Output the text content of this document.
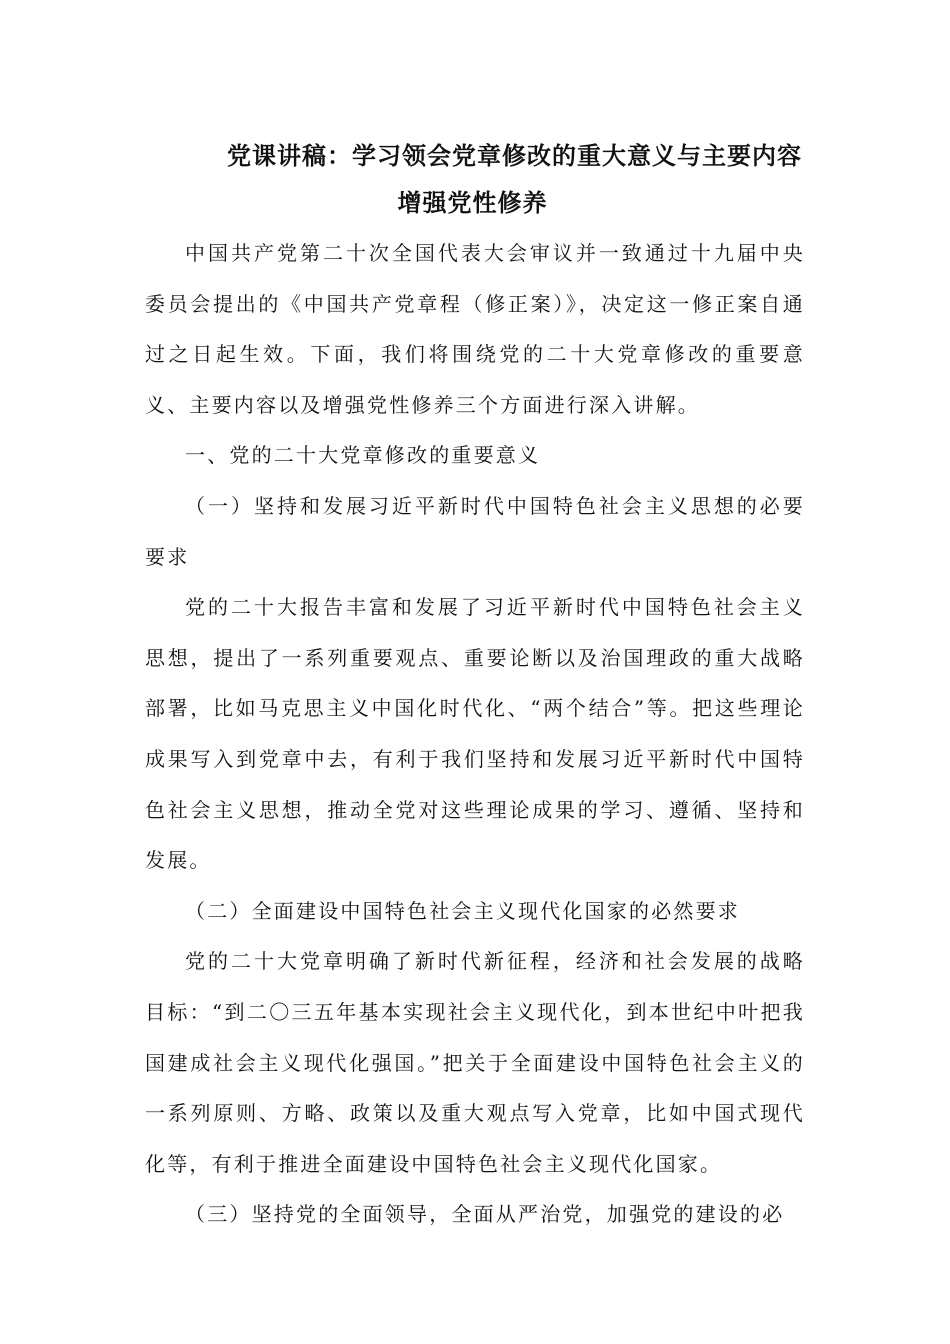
党课讲稿：学习领会党章修改的重大意义与主要内容
增强党性修养

中国共产党第二十次全国代表大会审议并一致通过十九届中央委员会提出的《中国共产党章程（修正案）》，决定这一修正案自通过之日起生效。下面，我们将围绕党的二十大党章修改的重要意义、主要内容以及增强党性修养三个方面进行深入讲解。

一、党的二十大党章修改的重要意义

（一）坚持和发展习近平新时代中国特色社会主义思想的必要要求

党的二十大报告丰富和发展了习近平新时代中国特色社会主义思想，提出了一系列重要观点、重要论断以及治国理政的重大战略部署，比如马克思主义中国化时代化、“两个结合”等。把这些理论成果写入到党章中去，有利于我们坚持和发展习近平新时代中国特色社会主义思想，推动全党对这些理论成果的学习、遵循、坚持和发展。

（二）全面建设中国特色社会主义现代化国家的必然要求

党的二十大党章明确了新时代新征程，经济和社会发展的战略目标：“到二〇三五年基本实现社会主义现代化，到本世纪中叶把我国建成社会主义现代化强国。”把关于全面建设中国特色社会主义的一系列原则、方略、政策以及重大观点写入党章，比如中国式现代化等，有利于推进全面建设中国特色社会主义现代化国家。

（三）坚持党的全面领导，全面从严治党，加强党的建设的必
